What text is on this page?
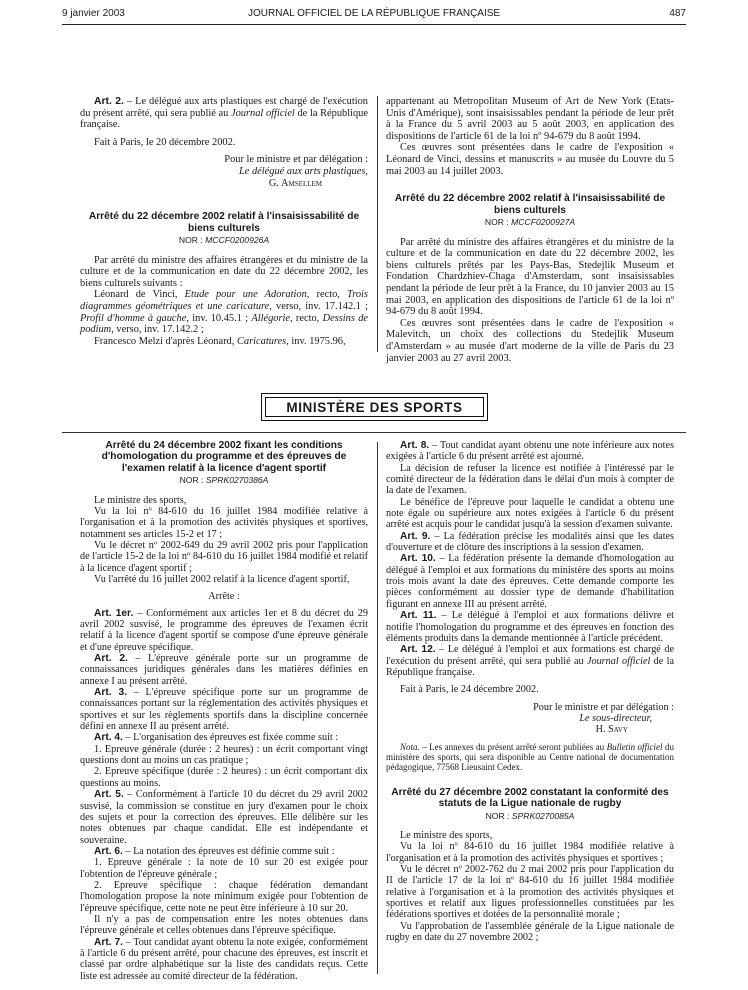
9 janvier 2003	JOURNAL OFFICIEL DE LA RÉPUBLIQUE FRANÇAISE	487

Art. 2. – Le délégué aux arts plastiques est chargé de l'exécution du présent arrêté, qui sera publié au Journal officiel de la République française.

Fait à Paris, le 20 décembre 2002.

Pour le ministre et par délégation :

Le délégué aux arts plastiques,

G. Amsellem

Arrêté du 22 décembre 2002 relatif à l'insaisissabilité de biens culturels
NOR : MCCF0200926A

Par arrêté du ministre des affaires étrangères et du ministre de la culture et de la communication en date du 22 décembre 2002, les biens culturels suivants :

Léonard de Vinci, Etude pour une Adoration, recto, Trois diagrammes géométriques et une caricature, verso, inv. 17.142.1 ; Profil d'homme à gauche, inv. 10.45.1 ; Allégorie, recto, Dessins de podium, verso, inv. 17.142.2 ;

Francesco Melzi d'après Léonard, Caricatures, inv. 1975.96,

appartenant au Metropolitan Museum of Art de New York (Etats-Unis d'Amérique), sont insaisissables pendant la période de leur prêt à la France du 5 avril 2003 au 5 août 2003, en application des dispositions de l'article 61 de la loi nº 94-679 du 8 août 1994.

Ces œuvres sont présentées dans le cadre de l'exposition « Léonard de Vinci, dessins et manuscrits » au musée du Louvre du 5 mai 2003 au 14 juillet 2003.

Arrêté du 22 décembre 2002 relatif à l'insaisissabilité de biens culturels
NOR : MCCF0200927A

Par arrêté du ministre des affaires étrangères et du ministre de la culture et de la communication en date du 22 décembre 2002, les biens culturels prêtés par les Pays-Bas, Stedejlik Museum et Fondation Chardzhiev-Chaga d'Amsterdam, sont insaisissables pendant la période de leur prêt à la France, du 10 janvier 2003 au 15 mai 2003, en application des dispositions de l'article 61 de la loi nº 94-679 du 8 août 1994.

Ces œuvres sont présentées dans le cadre de l'exposition « Malevitch, un choix des collections du Stedejlik Museum d'Amsterdam » au musée d'art moderne de la ville de Paris du 23 janvier 2003 au 27 avril 2003.

MINISTÈRE DES SPORTS
Arrêté du 24 décembre 2002 fixant les conditions d'homologation du programme et des épreuves de l'examen relatif à la licence d'agent sportif
NOR : SPRK0270386A

Le ministre des sports,

Vu la loi nº 84-610 du 16 juillet 1984 modifiée relative à l'organisation et à la promotion des activités physiques et sportives, notamment ses articles 15-2 et 17 ;

Vu le décret nº 2002-649 du 29 avril 2002 pris pour l'application de l'article 15-2 de la loi nº 84-610 du 16 juillet 1984 modifié et relatif à la licence d'agent sportif ;

Vu l'arrêté du 16 juillet 2002 relatif à la licence d'agent sportif,

Arrête :

Art. 1er. – Conformément aux articles 1er et 8 du décret du 29 avril 2002 susvisé, le programme des épreuves de l'examen écrit relatif à la licence d'agent sportif se compose d'une épreuve générale et d'une épreuve spécifique.

Art. 2. – L'épreuve générale porte sur un programme de connaissances juridiques générales dans les matières définies en annexe I au présent arrêté.

Art. 3. – L'épreuve spécifique porte sur un programme de connaissances portant sur la réglementation des activités physiques et sportives et sur les règlements sportifs dans la discipline concernée défini en annexe II au présent arrêté.

Art. 4. – L'organisation des épreuves est fixée comme suit :

1. Epreuve générale (durée : 2 heures) : un écrit comportant vingt questions dont au moins un cas pratique ;

2. Epreuve spécifique (durée : 2 heures) : un écrit comportant dix questions au moins.

Art. 5. – Conformément à l'article 10 du décret du 29 avril 2002 susvisé, la commission se constitue en jury d'examen pour le choix des sujets et pour la correction des épreuves. Elle délibère sur les notes obtenues par chaque candidat. Elle est indépendante et souveraine.

Art. 6. – La notation des épreuves est définie comme suit :

1. Epreuve générale : la note de 10 sur 20 est exigée pour l'obtention de l'épreuve générale ;

2. Epreuve spécifique : chaque fédération demandant l'homologation propose la note minimum exigée pour l'obtention de l'épreuve spécifique, cette note ne peut être inférieure à 10 sur 20.

Il n'y a pas de compensation entre les notes obtenues dans l'épreuve générale et celles obtenues dans l'épreuve spécifique.

Art. 7. – Tout candidat ayant obtenu la note exigée, conformément à l'article 6 du présent arrêté, pour chacune des épreuves, est inscrit et classé par ordre alphabétique sur la liste des candidats reçus. Cette liste est adressée au comité directeur de la fédération.

Art. 8. – Tout candidat ayant obtenu une note inférieure aux notes exigées à l'article 6 du présent arrêté est ajourné.

La décision de refuser la licence est notifiée à l'intéressé par le comité directeur de la fédération dans le délai d'un mois à compter de la date de l'examen.

Le bénéfice de l'épreuve pour laquelle le candidat a obtenu une note égale ou supérieure aux notes exigées à l'article 6 du présent arrêté est acquis pour le candidat jusqu'à la session d'examen suivante.

Art. 9. – La fédération précise les modalités ainsi que les dates d'ouverture et de clôture des inscriptions à la session d'examen.

Art. 10. – La fédération présente la demande d'homologation au délégué à l'emploi et aux formations du ministère des sports au moins trois mois avant la date des épreuves. Cette demande comporte les pièces conformément au dossier type de demande d'habilitation figurant en annexe III au présent arrêté.

Art. 11. – Le délégué à l'emploi et aux formations délivre et notifie l'homologation du programme et des épreuves en fonction des éléments produits dans la demande mentionnée à l'article précédent.

Art. 12. – Le délégué à l'emploi et aux formations est chargé de l'exécution du présent arrêté, qui sera publié au Journal officiel de la République française.

Fait à Paris, le 24 décembre 2002.

Pour le ministre et par délégation :

Le sous-directeur,

H. Savy

Nota. – Les annexes du présent arrêté seront publiées au Bulletin officiel du ministère des sports, qui sera disponible au Centre national de documentation pédagogique, 77568 Lieusaint Cedex.

Arrêté du 27 décembre 2002 constatant la conformité des statuts de la Ligue nationale de rugby
NOR : SPRK0270085A

Le ministre des sports,

Vu la loi nº 84-610 du 16 juillet 1984 modifiée relative à l'organisation et à la promotion des activités physiques et sportives ;

Vu le décret nº 2002-762 du 2 mai 2002 pris pour l'application du II de l'article 17 de la loi nº 84-610 du 16 juillet 1984 modifiée relative à l'organisation et à la promotion des activités physiques et sportives et relatif aux ligues professionnelles constituées par les fédérations sportives et dotées de la personnalité morale ;

Vu l'approbation de l'assemblée générale de la Ligue nationale de rugby en date du 27 novembre 2002 ;
